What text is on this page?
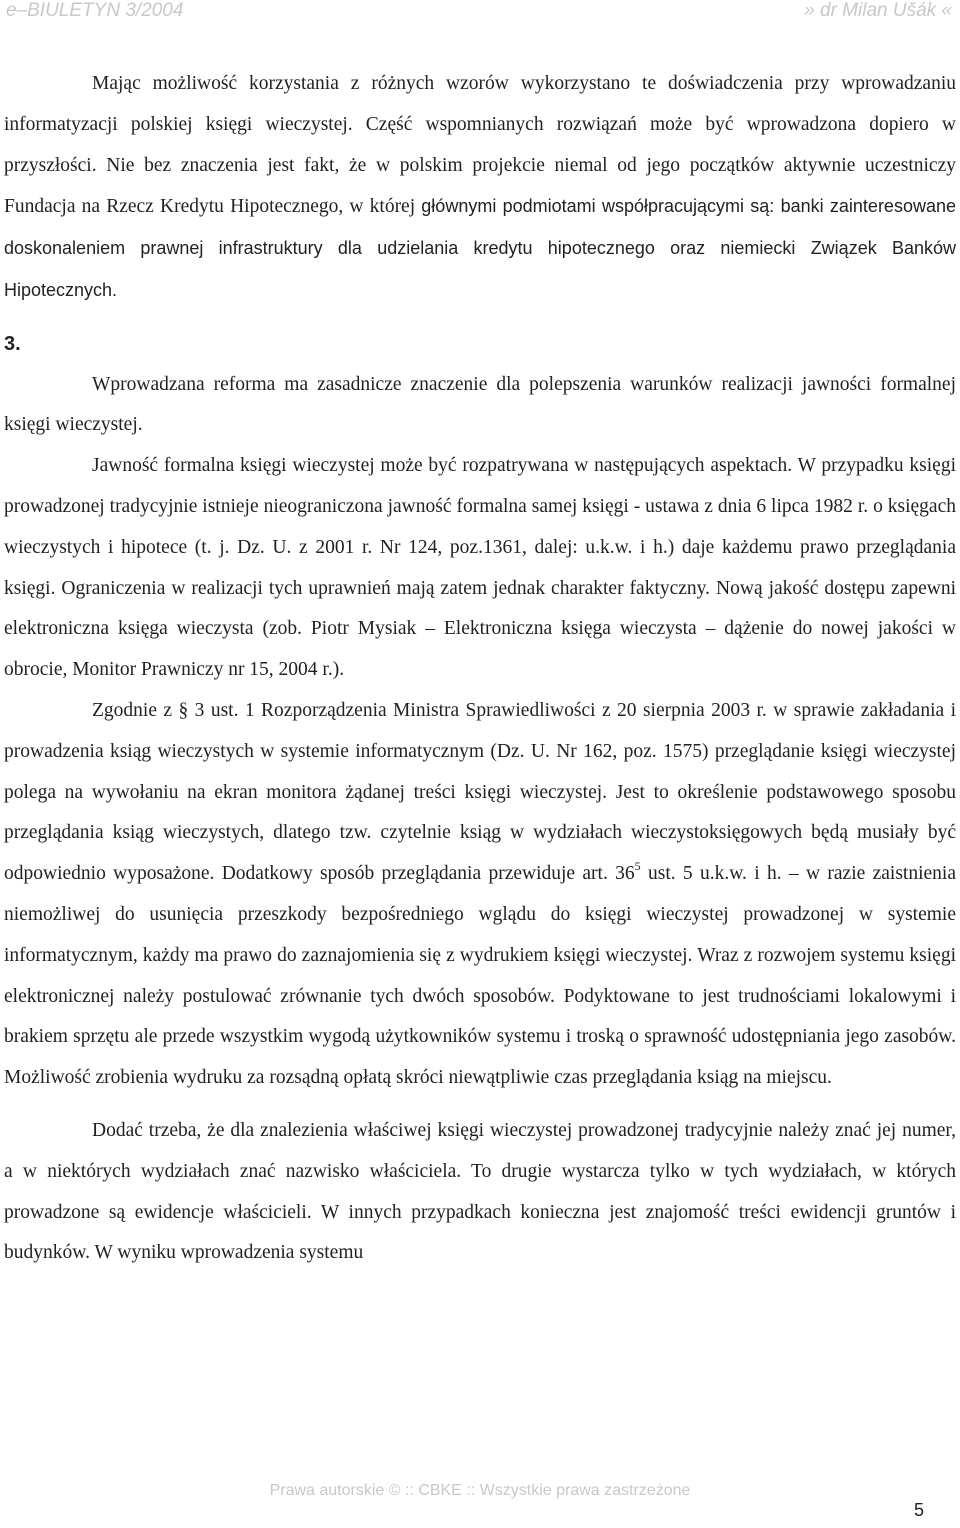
e–BIULETYN 3/2004	» dr Milan Ušák «

Mając możliwość korzystania z różnych wzorów wykorzystano te doświadczenia przy wprowadzaniu informatyzacji polskiej księgi wieczystej. Część wspomnianych rozwiązań może być wprowadzona dopiero w przyszłości. Nie bez znaczenia jest fakt, że w polskim projekcie niemal od jego początków aktywnie uczestniczy Fundacja na Rzecz Kredytu Hipotecznego, w której głównymi podmiotami współpracującymi są: banki zainteresowane doskonaleniem prawnej infrastruktury dla udzielania kredytu hipotecznego oraz niemiecki Związek Banków Hipotecznych.

3.

Wprowadzana reforma ma zasadnicze znaczenie dla polepszenia warunków realizacji jawności formalnej księgi wieczystej.

Jawność formalna księgi wieczystej może być rozpatrywana w następujących aspektach. W przypadku księgi prowadzonej tradycyjnie istnieje nieograniczona jawność formalna samej księgi - ustawa z dnia 6 lipca 1982 r. o księgach wieczystych i hipotece (t. j. Dz. U. z 2001 r. Nr 124, poz.1361, dalej: u.k.w. i h.) daje każdemu prawo przeglądania księgi. Ograniczenia w realizacji tych uprawnień mają zatem jednak charakter faktyczny. Nową jakość dostępu zapewni elektroniczna księga wieczysta (zob. Piotr Mysiak – Elektroniczna księga wieczysta – dążenie do nowej jakości w obrocie, Monitor Prawniczy nr 15, 2004 r.).

Zgodnie z § 3 ust. 1 Rozporządzenia Ministra Sprawiedliwości z 20 sierpnia 2003 r. w sprawie zakładania i prowadzenia ksiąg wieczystych w systemie informatycznym (Dz. U. Nr 162, poz. 1575) przeglądanie księgi wieczystej polega na wywołaniu na ekran monitora żądanej treści księgi wieczystej. Jest to określenie podstawowego sposobu przeglądania ksiąg wieczystych, dlatego tzw. czytelnie ksiąg w wydziałach wieczystoksięgowych będą musiały być odpowiednio wyposażone. Dodatkowy sposób przeglądania przewiduje art. $36^5$ ust. 5 u.k.w. i h. – w razie zaistnienia niemożliwej do usunięcia przeszkody bezpośredniego wglądu do księgi wieczystej prowadzonej w systemie informatycznym, każdy ma prawo do zaznajomienia się z wydrukiem księgi wieczystej. Wraz z rozwojem systemu księgi elektronicznej należy postulować zrównanie tych dwóch sposobów. Podyktowane to jest trudnościami lokalowymi i brakiem sprzętu ale przede wszystkim wygodą użytkowników systemu i troską o sprawność udostępniania jego zasobów. Możliwość zrobienia wydruku za rozsądną opłatą skróci niewątpliwie czas przeglądania ksiąg na miejscu.

Dodać trzeba, że dla znalezienia właściwej księgi wieczystej prowadzonej tradycyjnie należy znać jej numer, a w niektórych wydziałach znać nazwisko właściciela. To drugie wystarcza tylko w tych wydziałach, w których prowadzone są ewidencje właścicieli. W innych przypadkach konieczna jest znajomość treści ewidencji gruntów i budynków. W wyniku wprowadzenia systemu

Prawa autorskie © :: CBKE :: Wszystkie prawa zastrzeżone
5
